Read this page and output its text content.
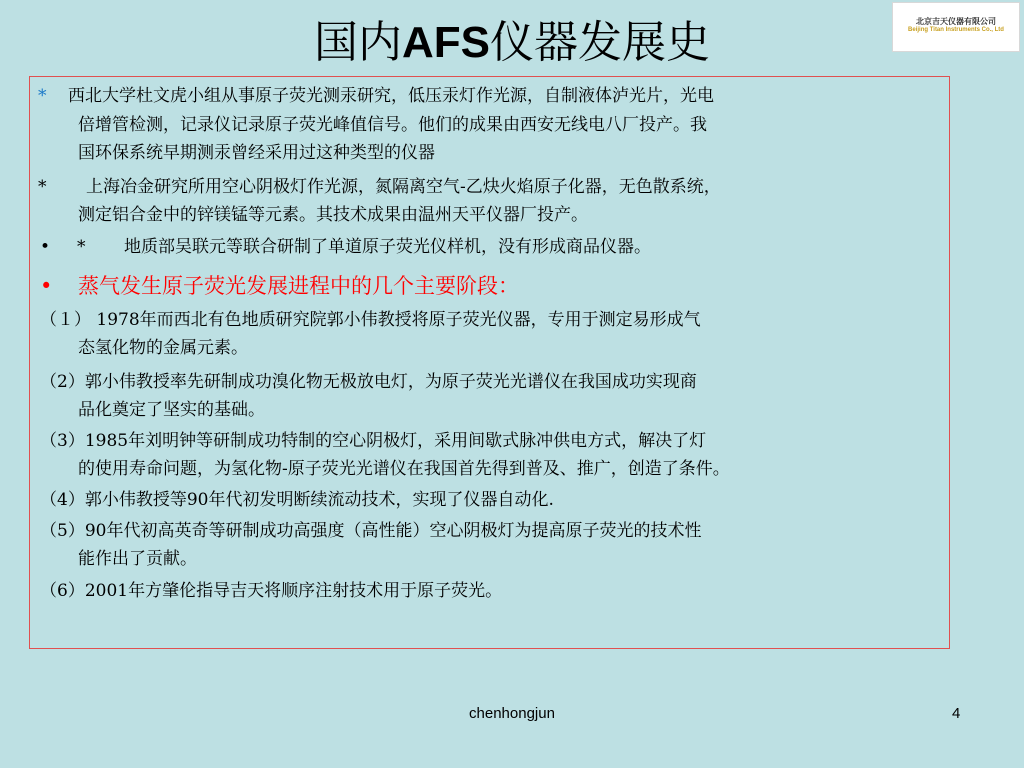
国内AFS仪器发展史	北京吉天仪器有限公司
Beijing Titan Instruments Co., Ltd
* 西北大学杜文虎小组从事原子荧光测汞研究，低压汞灯作光源，自制液体泸光片，光电
倍增管检测，记录仪记录原子荧光峰值信号。他们的成果由西安无线电八厂投产。我
国环保系统早期测汞曾经采用过这种类型的仪器
* 上海冶金研究所用空心阴极灯作光源，氮隔离空气-乙炔火焰原子化器，无色散系统，
测定铝合金中的锌镁锰等元素。其技术成果由温州天平仪器厂投产。
• * 地质部吴联元等联合研制了单道原子荧光仪样机，没有形成商品仪器。
• 蒸气发生原子荧光发展进程中的几个主要阶段：
（１） 1978年而西北有色地质研究院郭小伟教授将原子荧光仪器，专用于测定易形成气
态氢化物的金属元素。
（2）郭小伟教授率先研制成功溴化物无极放电灯，为原子荧光光谱仪在我国成功实现商
品化奠定了坚实的基础。
（3）1985年刘明钟等研制成功特制的空心阴极灯，采用间歇式脉冲供电方式，解决了灯
的使用寿命问题，为氢化物-原子荧光光谱仪在我国首先得到普及、推广，创造了条件。
（4）郭小伟教授等90年代初发明断续流动技术，实现了仪器自动化.
（5）90年代初高英奇等研制成功高强度（高性能）空心阴极灯为提高原子荧光的技术性
能作出了贡献。
（6）2001年方肇伦指导吉天将顺序注射技术用于原子荧光。
chenhongjun	4
